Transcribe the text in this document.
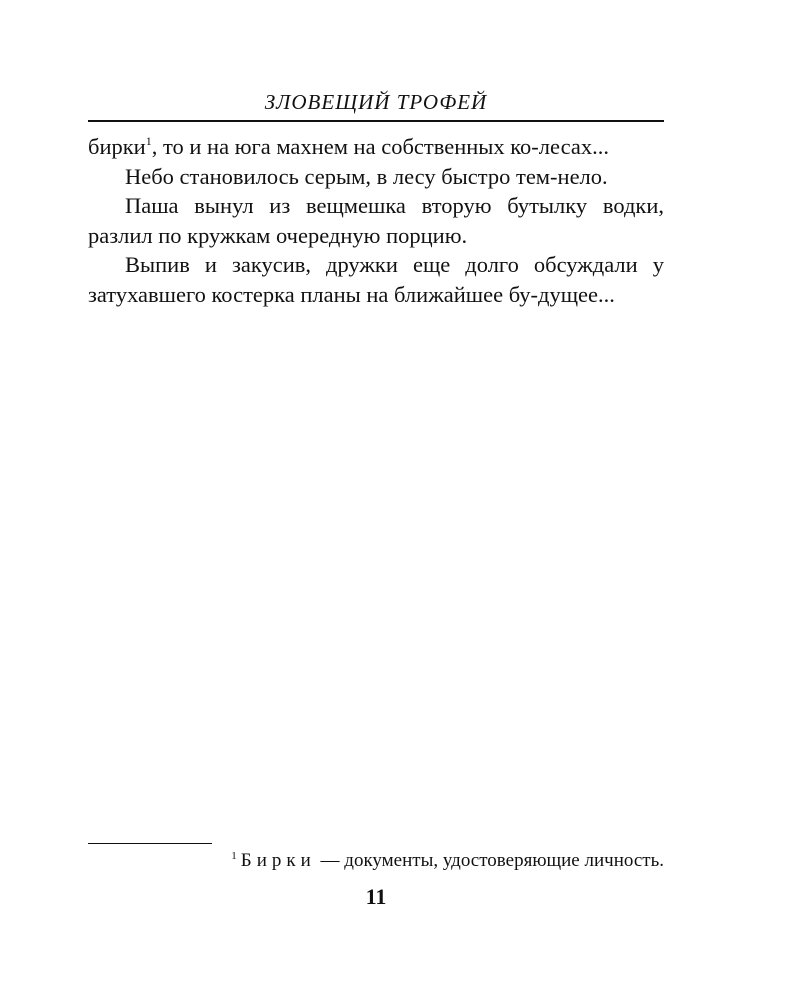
ЗЛОВЕЩИЙ ТРОФЕЙ

бирки$^1$, то и на юга махнем на собственных ко-лесах...

Небо становилось серым, в лесу быстро тем-нело.

Паша вынул из вещмешка вторую бутылку водки, разлил по кружкам очередную порцию.

Выпив и закусив, дружки еще долго обсуждали у затухавшего костерка планы на ближайшее бу-дущее...

$^1$ Бирки — документы, удостоверяющие личность.
11
